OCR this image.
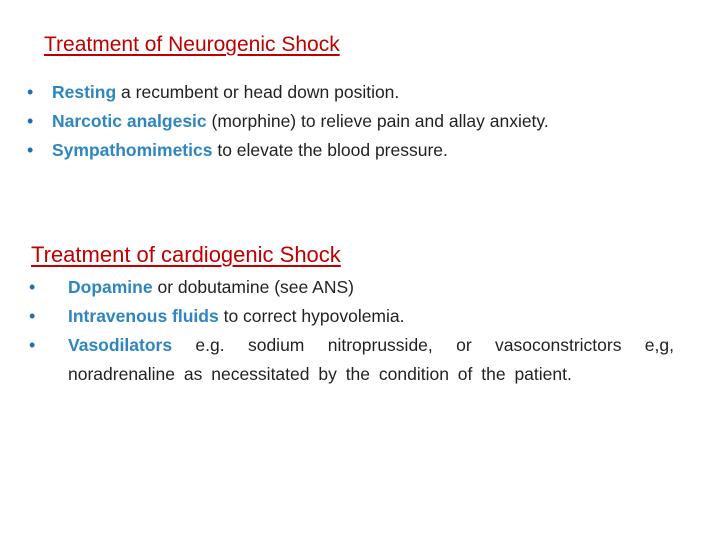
Treatment of Neurogenic Shock
• Resting a recumbent or head down position.
• Narcotic analgesic (morphine) to relieve pain and allay anxiety.
• Sympathomimetics to elevate the blood pressure.
Treatment of cardiogenic Shock
• Dopamine or dobutamine (see ANS)
• Intravenous fluids to correct hypovolemia.
• Vasodilators e.g. sodium nitroprusside, or vasoconstrictors e,g, noradrenaline as necessitated by the condition of the patient.
